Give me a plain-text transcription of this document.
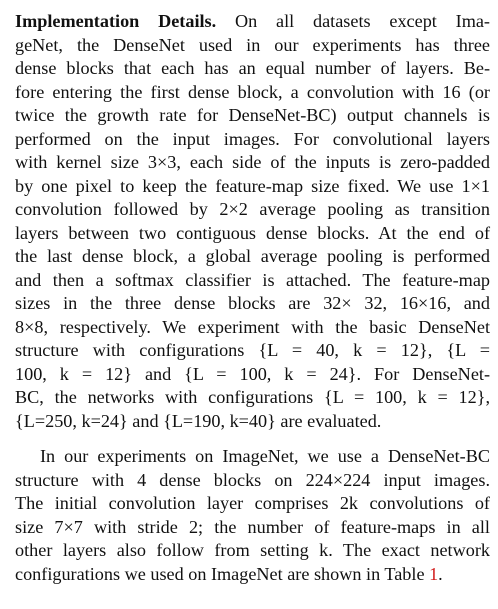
Implementation Details. On all datasets except Ima-
geNet, the DenseNet used in our experiments has three
dense blocks that each has an equal number of layers. Be-
fore entering the first dense block, a convolution with 16 (or
twice the growth rate for DenseNet-BC) output channels is
performed on the input images. For convolutional layers
with kernel size 3×3, each side of the inputs is zero-padded
by one pixel to keep the feature-map size fixed. We use 1×1
convolution followed by 2×2 average pooling as transition
layers between two contiguous dense blocks. At the end of
the last dense block, a global average pooling is performed
and then a softmax classifier is attached. The feature-map
sizes in the three dense blocks are 32× 32, 16×16, and
8×8, respectively. We experiment with the basic DenseNet
structure with configurations {L = 40, k = 12}, {L =
100, k = 12} and {L = 100, k = 24}. For DenseNet-
BC, the networks with configurations {L = 100, k = 12},
{L=250, k=24} and {L=190, k=40} are evaluated.
In our experiments on ImageNet, we use a DenseNet-BC
structure with 4 dense blocks on 224×224 input images.
The initial convolution layer comprises 2k convolutions of
size 7×7 with stride 2; the number of feature-maps in all
other layers also follow from setting k. The exact network
configurations we used on ImageNet are shown in Table 1.
